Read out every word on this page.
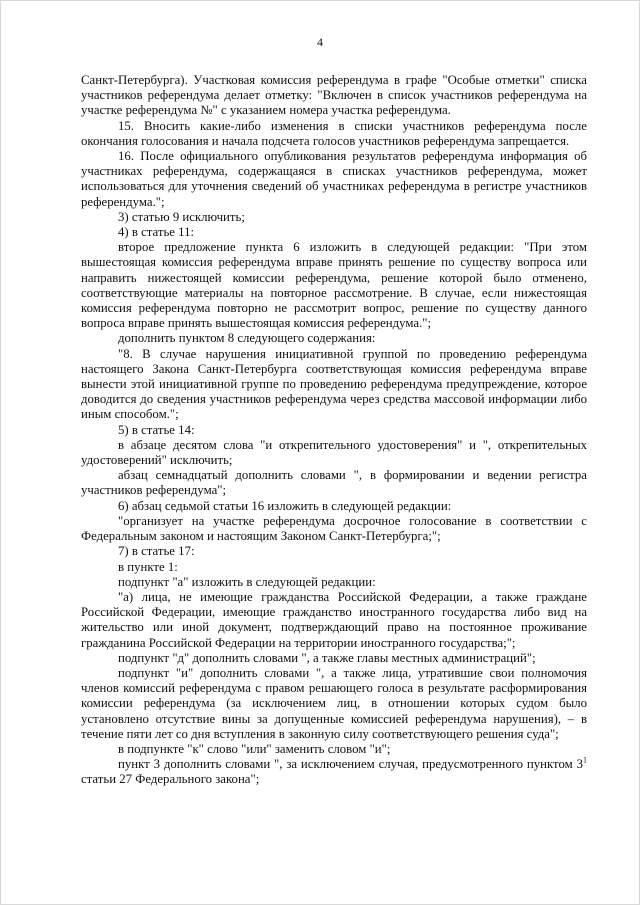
4

Санкт-Петербурга). Участковая комиссия референдума в графе "Особые отметки" списка участников референдума делает отметку: "Включен в список участников референдума на участке референдума №" с указанием номера участка референдума.

15. Вносить какие-либо изменения в списки участников референдума после окончания голосования и начала подсчета голосов участников референдума запрещается.

16. После официального опубликования результатов референдума информация об участниках референдума, содержащаяся в списках участников референдума, может использоваться для уточнения сведений об участниках референдума в регистре участников референдума.";

3) статью 9 исключить;

4) в статье 11:

второе предложение пункта 6 изложить в следующей редакции: "При этом вышестоящая комиссия референдума вправе принять решение по существу вопроса или направить нижестоящей комиссии референдума, решение которой было отменено, соответствующие материалы на повторное рассмотрение. В случае, если нижестоящая комиссия референдума повторно не рассмотрит вопрос, решение по существу данного вопроса вправе принять вышестоящая комиссия референдума.";

дополнить пунктом 8 следующего содержания:

"8. В случае нарушения инициативной группой по проведению референдума настоящего Закона Санкт-Петербурга соответствующая комиссия референдума вправе вынести этой инициативной группе по проведению референдума предупреждение, которое доводится до сведения участников референдума через средства массовой информации либо иным способом.";

5) в статье 14:

в абзаце десятом слова "и открепительного удостоверения" и ", открепительных удостоверений" исключить;

абзац семнадцатый дополнить словами ", в формировании и ведении регистра участников референдума";

6) абзац седьмой статьи 16 изложить в следующей редакции:

"организует на участке референдума досрочное голосование в соответствии с Федеральным законом и настоящим Законом Санкт-Петербурга;";

7) в статье 17:

в пункте 1:

подпункт "а" изложить в следующей редакции:

"а) лица, не имеющие гражданства Российской Федерации, а также граждане Российской Федерации, имеющие гражданство иностранного государства либо вид на жительство или иной документ, подтверждающий право на постоянное проживание гражданина Российской Федерации на территории иностранного государства;";

подпункт "д" дополнить словами ", а также главы местных администраций";

подпункт "и" дополнить словами ", а также лица, утратившие свои полномочия членов комиссий референдума с правом решающего голоса в результате расформирования комиссии референдума (за исключением лиц, в отношении которых судом было установлено отсутствие вины за допущенные комиссией референдума нарушения), – в течение пяти лет со дня вступления в законную силу соответствующего решения суда";

в подпункте "к" слово "или" заменить словом "и";

пункт 3 дополнить словами ", за исключением случая, предусмотренного пунктом $3^1$ статьи 27 Федерального закона";
